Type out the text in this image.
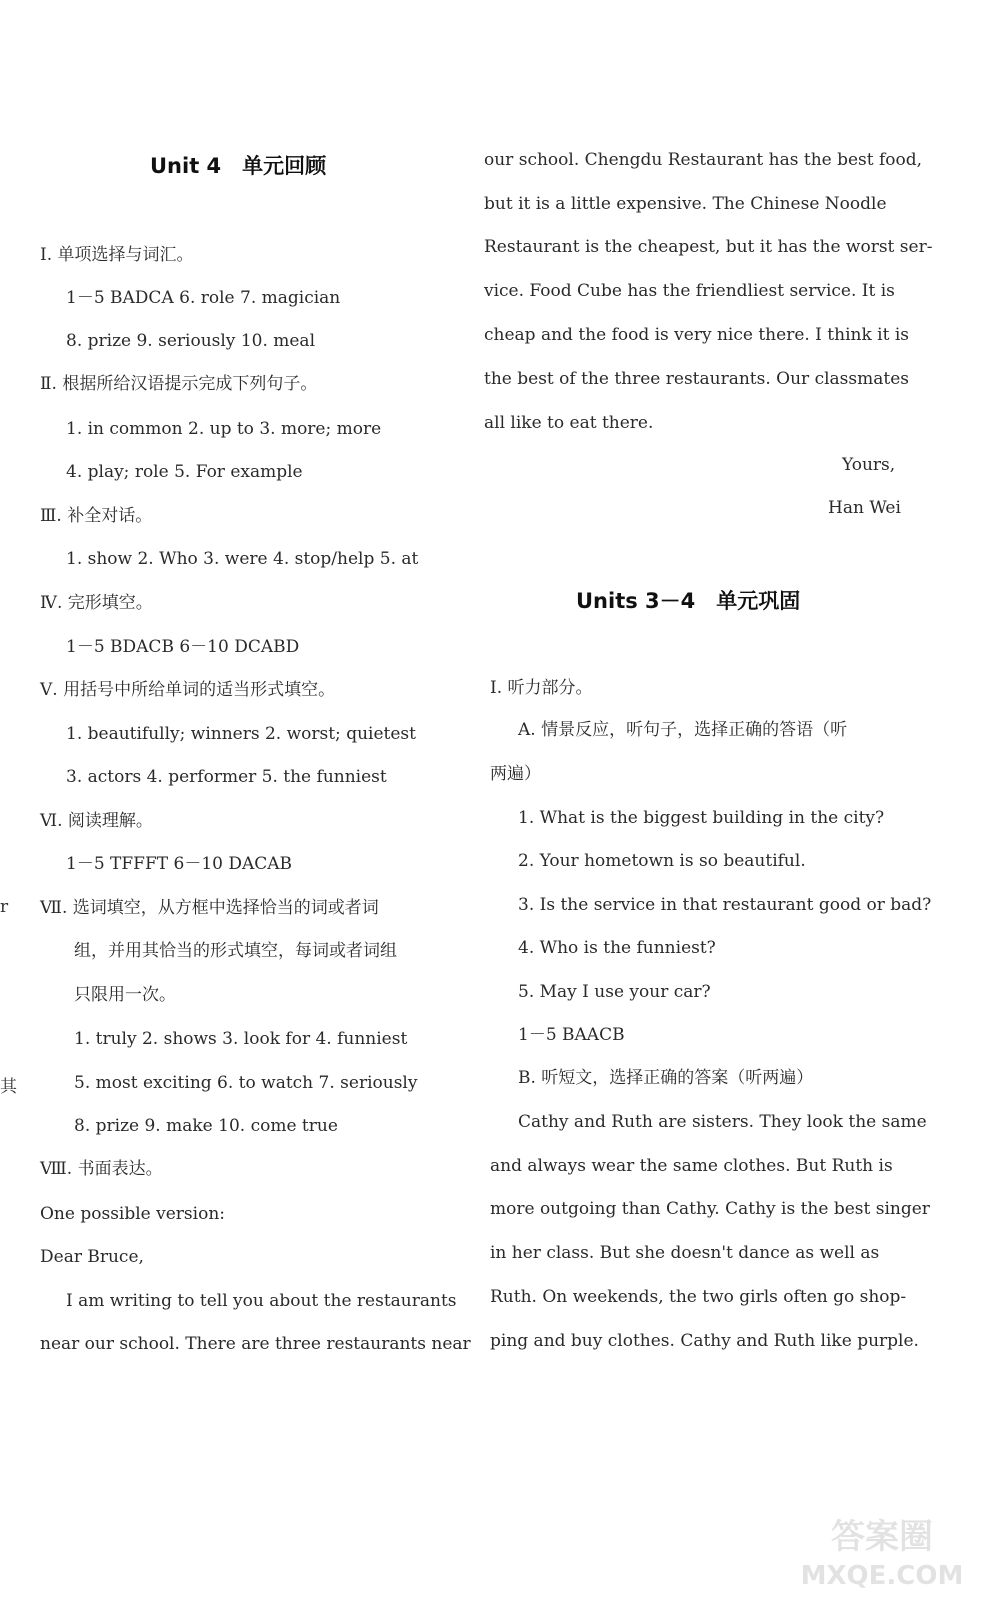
Unit 4　单元回顾
Ⅰ. 单项选择与词汇。
1－5 BADCA 6. role 7. magician
8. prize 9. seriously 10. meal
Ⅱ. 根据所给汉语提示完成下列句子。
1. in common 2. up to 3. more; more
4. play; role 5. For example
Ⅲ. 补全对话。
1. show 2. Who 3. were 4. stop/help 5. at
Ⅳ. 完形填空。
1－5 BDACB 6－10 DCABD
Ⅴ. 用括号中所给单词的适当形式填空。
1. beautifully; winners 2. worst; quietest
3. actors 4. performer 5. the funniest
Ⅵ. 阅读理解。
1－5 TFFFT 6－10 DACAB
Ⅶ. 选词填空，从方框中选择恰当的词或者词
组，并用其恰当的形式填空，每词或者词组
只限用一次。
1. truly 2. shows 3. look for 4. funniest
5. most exciting 6. to watch 7. seriously
8. prize 9. make 10. come true
Ⅷ. 书面表达。
One possible version:
Dear Bruce,
I am writing to tell you about the restaurants
near our school. There are three restaurants near
our school. Chengdu Restaurant has the best food,
but it is a little expensive. The Chinese Noodle
Restaurant is the cheapest, but it has the worst ser-
vice. Food Cube has the friendliest service. It is
cheap and the food is very nice there. I think it is
the best of the three restaurants. Our classmates
all like to eat there.
Yours,
Han Wei
Ⅰ. 听力部分。
A. 情景反应，听句子，选择正确的答语（听
两遍）
1. What is the biggest building in the city?
2. Your hometown is so beautiful.
3. Is the service in that restaurant good or bad?
4. Who is the funniest?
5. May I use your car?
1－5 BAACB
B. 听短文，选择正确的答案（听两遍）
Cathy and Ruth are sisters. They look the same
and always wear the same clothes. But Ruth is
more outgoing than Cathy. Cathy is the best singer
in her class. But she doesn't dance as well as
Ruth. On weekends, the two girls often go shop-
ping and buy clothes. Cathy and Ruth like purple.
Units 3－4　单元巩固
r
其
答案圈
MXQE.COM
